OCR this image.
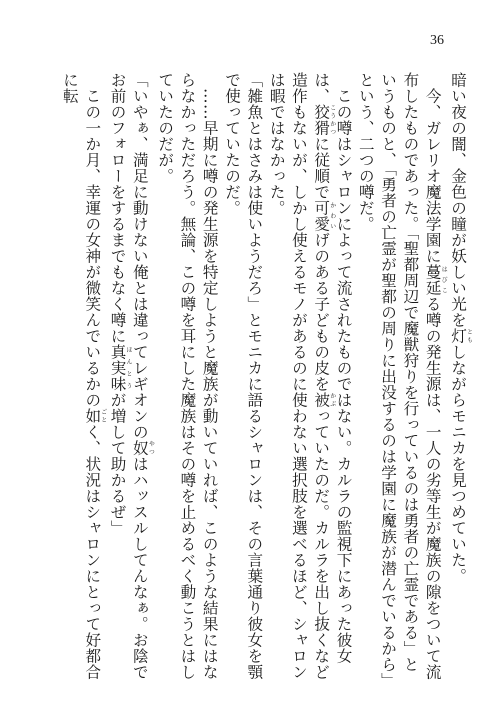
36

暗い夜の闇、金色の瞳が妖しい光を灯ともしながらモニカを見つめていた。

今、ガレリオ魔法学園に蔓延はびこる噂の発生源は、一人の劣等生が魔族の隙をついて流布したものであった。「聖都周辺で魔獣狩りを行っているのは勇者の亡霊である」というものと、「勇者の亡霊が聖都の周りに出没するのは学園に魔族が潜んでいるから」という、二つの噂だ。

この噂はシャロンによって流されたものではない。カルラの監視下にあった彼女は、狡猾こうかつに従順で可愛かわいげのある子どもの皮を被かぶっていたのだ。カルラを出し抜くなど造作もないが、しかし使えるモノがあるのに使わない選択肢を選べるほど、シャロンは暇ではなかった。

「雑魚とはさみは使いようだろ」とモニカに語るシャロンは、その言葉通り彼女を顎で使っていたのだ。

……早期に噂の発生源を特定しようと魔族が動いていれば、このような結果にはならなかっただろう。無論、この噂を耳にした魔族はその噂を止めるべく動こうとはしていたのだが。

「いやぁ、満足に動けない俺とは違ってレギオンの奴やつはハッスルしてんなぁ。お陰でお前のフォローをするまでもなく噂に真実味ほんとうが増して助かるぜ」

この一か月、幸運の女神が微笑んでいるかの如ごとく、状況はシャロンにとって好都合に転
